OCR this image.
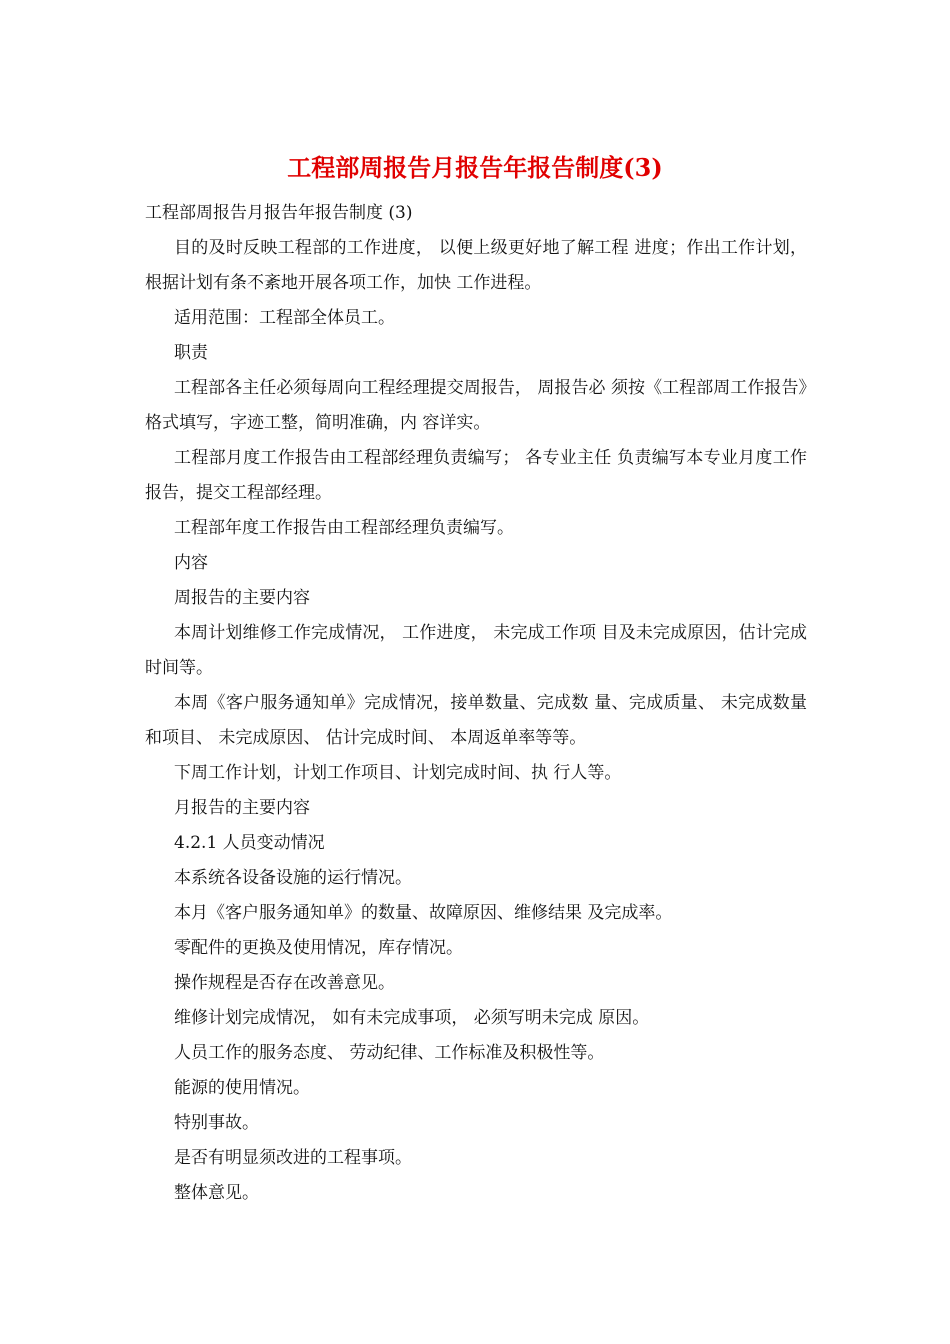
工程部周报告月报告年报告制度(3)

工程部周报告月报告年报告制度 (3)

目的及时反映工程部的工作进度， 以便上级更好地了解工程 进度；作出工作计划，根据计划有条不紊地开展各项工作，加快 工作进程。

适用范围：工程部全体员工。

职责

工程部各主任必须每周向工程经理提交周报告， 周报告必 须按《工程部周工作报告》格式填写，字迹工整，简明准确，内 容详实。

工程部月度工作报告由工程部经理负责编写； 各专业主任 负责编写本专业月度工作报告，提交工程部经理。

工程部年度工作报告由工程部经理负责编写。

内容

周报告的主要内容

本周计划维修工作完成情况， 工作进度， 未完成工作项 目及未完成原因，估计完成时间等。

本周《客户服务通知单》完成情况，接单数量、完成数 量、完成质量、 未完成数量和项目、 未完成原因、 估计完成时间、 本周返单率等等。

下周工作计划，计划工作项目、计划完成时间、执 行人等。

月报告的主要内容

4.2.1 人员变动情况

本系统各设备设施的运行情况。

本月《客户服务通知单》的数量、故障原因、维修结果 及完成率。

零配件的更换及使用情况，库存情况。

操作规程是否存在改善意见。

维修计划完成情况， 如有未完成事项， 必须写明未完成 原因。

人员工作的服务态度、 劳动纪律、工作标准及积极性等。

能源的使用情况。

特别事故。

是否有明显须改进的工程事项。

整体意见。
